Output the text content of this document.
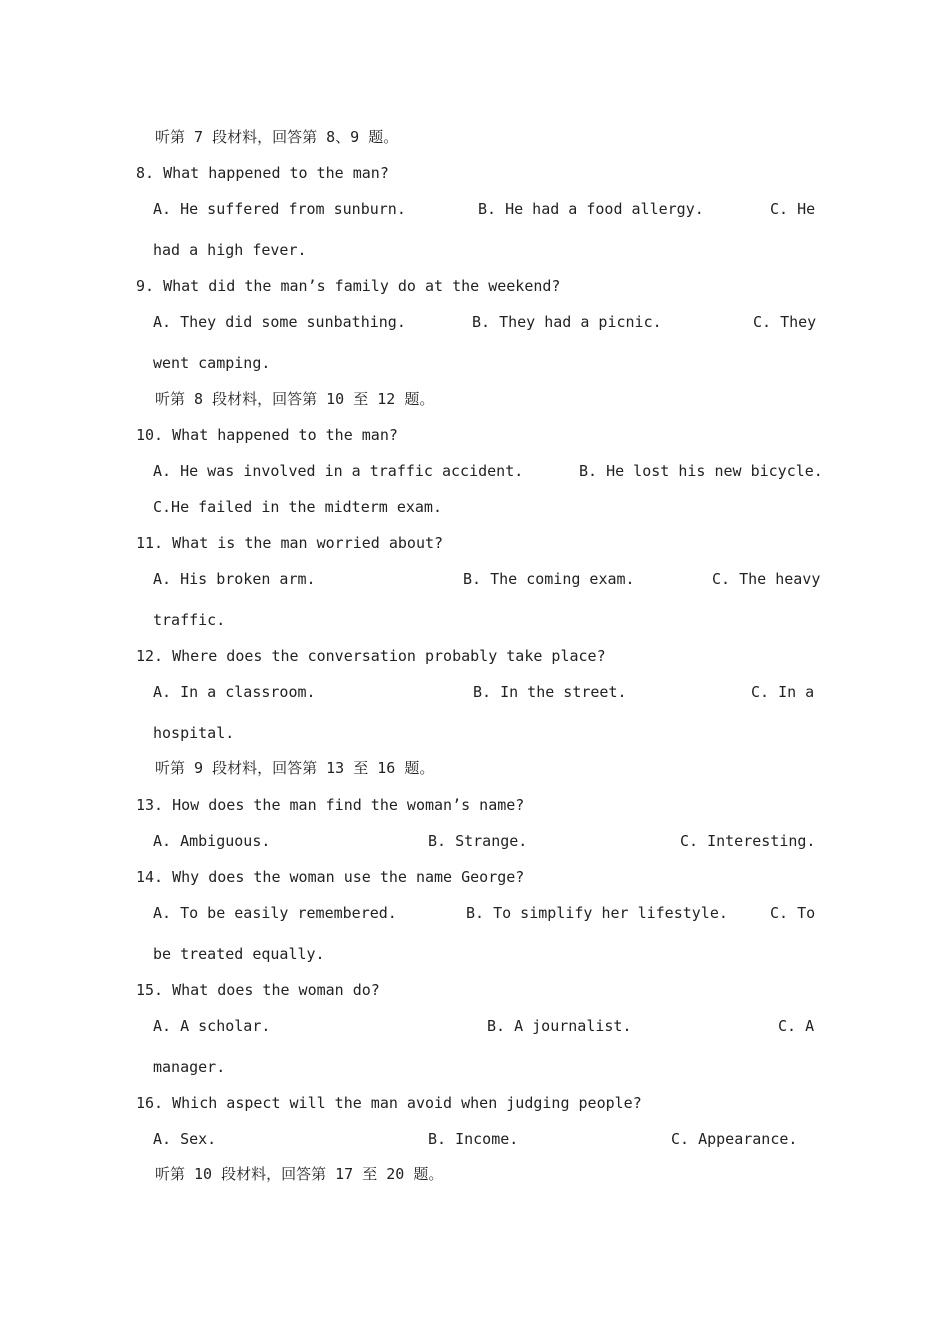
听第 7 段材料，回答第 8、9 题。
8. What happened to the man?
A. He suffered from sunburn.	B. He had a food allergy.	C. He
had a high fever.
9. What did the man’s family do at the weekend?
A. They did some sunbathing.	B. They had a picnic.	C. They
went camping.
听第 8 段材料，回答第 10 至 12 题。
10. What happened to the man?
A. He was involved in a traffic accident.	B. He lost his new bicycle.
C.He failed in the midterm exam.
11. What is the man worried about?
A. His broken arm.	B. The coming exam.	C. The heavy
traffic.
12. Where does the conversation probably take place?
A. In a classroom.	B. In the street.	C. In a
hospital.
听第 9 段材料，回答第 13 至 16 题。
13. How does the man find the woman’s name?
A. Ambiguous.	B. Strange.	C. Interesting.
14. Why does the woman use the name George?
A. To be easily remembered.	B. To simplify her lifestyle.	C. To
be treated equally.
15. What does the woman do?
A. A scholar.	B. A journalist.	C. A
manager.
16. Which aspect will the man avoid when judging people?
A. Sex.	B. Income.	C. Appearance.
听第 10 段材料，回答第 17 至 20 题。
